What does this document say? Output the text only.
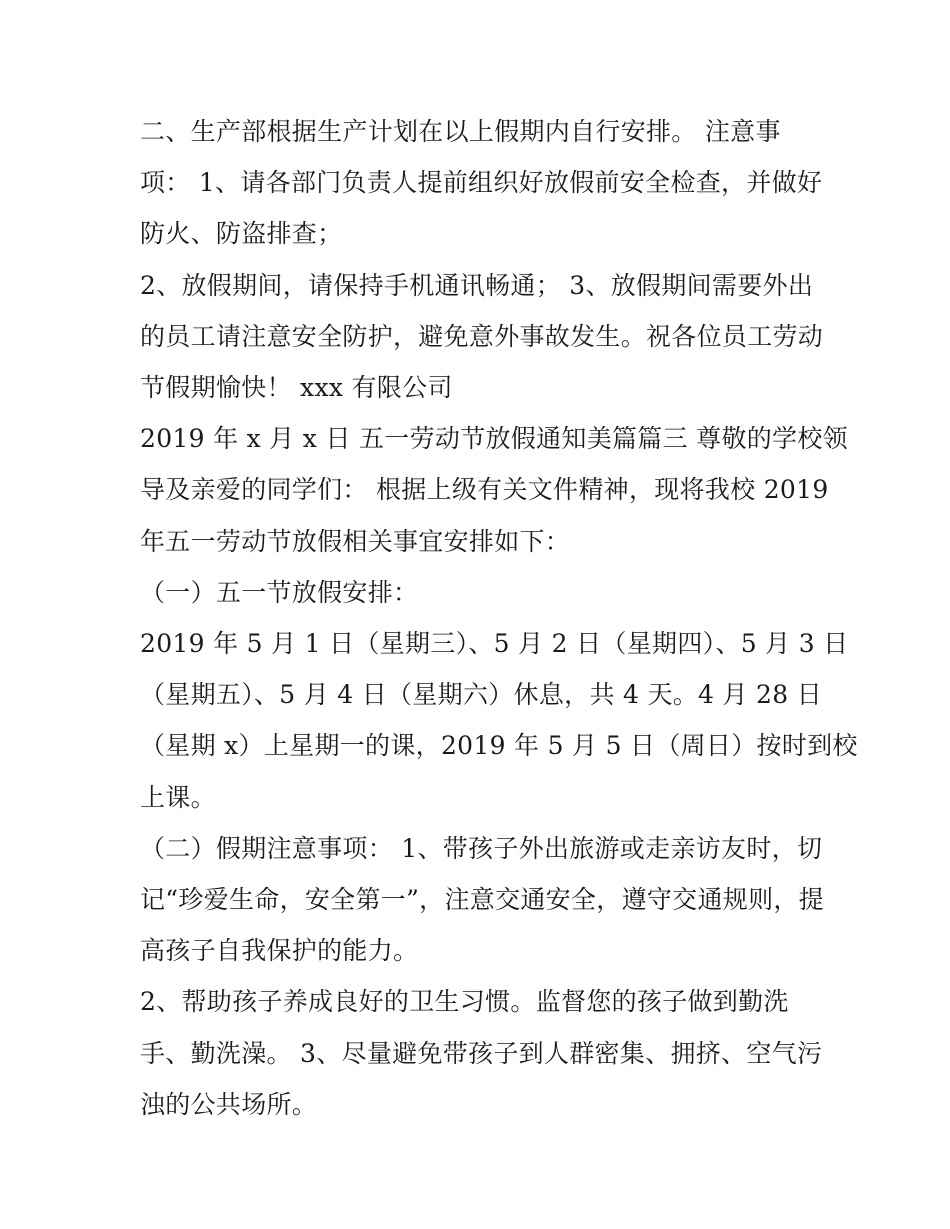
二、生产部根据生产计划在以上假期内自行安排。 注意事
项： 1、请各部门负责人提前组织好放假前安全检查，并做好
防火、防盗排查；
2、放假期间，请保持手机通讯畅通； 3、放假期间需要外出
的员工请注意安全防护，避免意外事故发生。祝各位员工劳动
节假期愉快！ xxx 有限公司
2019 年 x 月 x 日 五一劳动节放假通知美篇篇三 尊敬的学校领
导及亲爱的同学们： 根据上级有关文件精神，现将我校 2019
年五一劳动节放假相关事宜安排如下：
（一）五一节放假安排：
2019 年 5 月 1 日（星期三）、5 月 2 日（星期四）、5 月 3 日
（星期五）、5 月 4 日（星期六）休息，共 4 天。4 月 28 日
（星期 x）上星期一的课，2019 年 5 月 5 日（周日）按时到校
上课。
（二）假期注意事项： 1、带孩子外出旅游或走亲访友时，切
记“珍爱生命，安全第一”，注意交通安全，遵守交通规则，提
高孩子自我保护的能力。
2、帮助孩子养成良好的卫生习惯。监督您的孩子做到勤洗
手、勤洗澡。 3、尽量避免带孩子到人群密集、拥挤、空气污
浊的公共场所。
